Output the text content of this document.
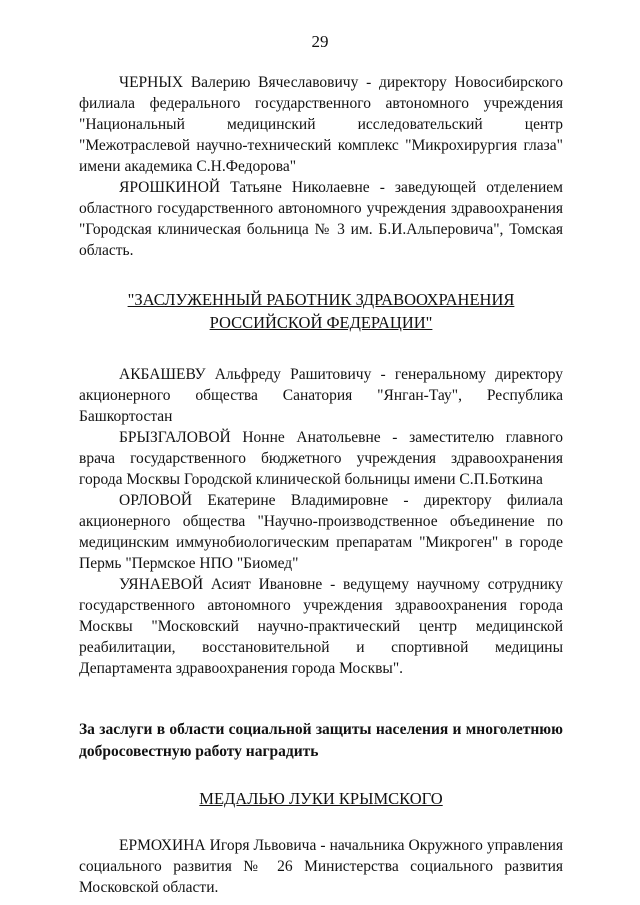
29

ЧЕРНЫХ Валерию Вячеславовичу - директору Новосибирского филиала федерального государственного автономного учреждения "Национальный медицинский исследовательский центр "Межотраслевой научно-технический комплекс "Микрохирургия глаза" имени академика С.Н.Федорова"

ЯРОШКИНОЙ Татьяне Николаевне - заведующей отделением областного государственного автономного учреждения здравоохранения "Городская клиническая больница № 3 им. Б.И.Альперовича", Томская область.

"ЗАСЛУЖЕННЫЙ РАБОТНИК ЗДРАВООХРАНЕНИЯ РОССИЙСКОЙ ФЕДЕРАЦИИ"

АКБАШЕВУ Альфреду Рашитовичу - генеральному директору акционерного общества Санатория "Янган-Тау", Республика Башкортостан

БРЫЗГАЛОВОЙ Нонне Анатольевне - заместителю главного врача государственного бюджетного учреждения здравоохранения города Москвы Городской клинической больницы имени С.П.Боткина

ОРЛОВОЙ Екатерине Владимировне - директору филиала акционерного общества "Научно-производственное объединение по медицинским иммунобиологическим препаратам "Микроген" в городе Пермь "Пермское НПО "Биомед"

УЯНАЕВОЙ Асият Ивановне - ведущему научному сотруднику государственного автономного учреждения здравоохранения города Москвы "Московский научно-практический центр медицинской реабилитации, восстановительной и спортивной медицины Департамента здравоохранения города Москвы".

За заслуги в области социальной защиты населения и многолетнюю добросовестную работу наградить

МЕДАЛЬЮ ЛУКИ КРЫМСКОГО

ЕРМОХИНА Игоря Львовича - начальника Окружного управления социального развития № 26 Министерства социального развития Московской области.
